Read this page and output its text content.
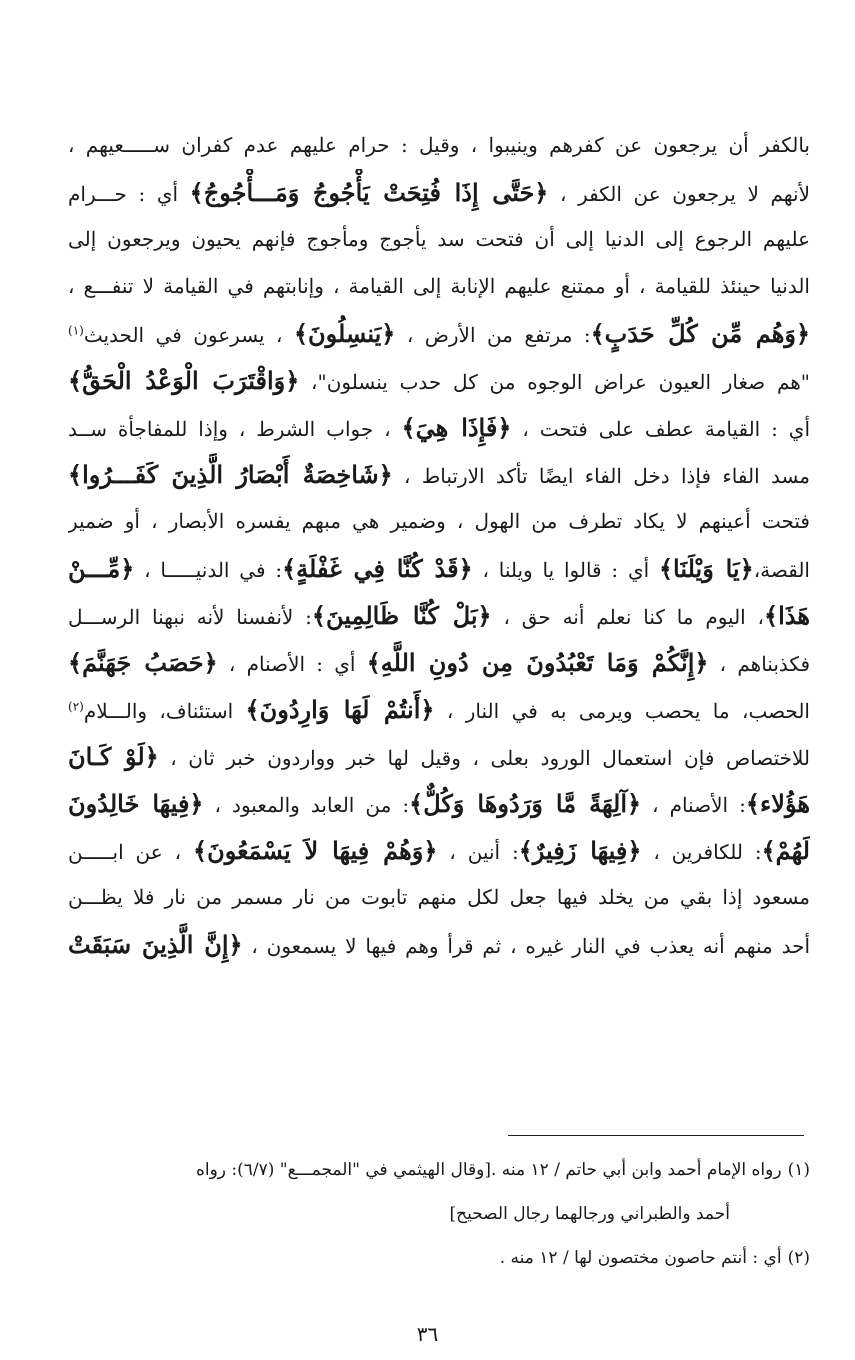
بالكفر أن يرجعون عن كفرهم وينيبوا ، وقيل : حرام عليهم عدم كفران ســـــعيهم ،
لأنهم لا يرجعون عن الكفر ، ﴿حَتَّى إِذَا فُتِحَتْ يَأْجُوجُ وَمَـــأْجُوجُ﴾ أي : حـــرام
عليهم الرجوع إلى الدنيا إلى أن فتحت سد يأجوج ومأجوج فإنهم يحيون ويرجعون إلى
الدنيا حينئذ للقيامة ، أو ممتنع عليهم الإنابة إلى القيامة ، وإنابتهم في القيامة لا تنفـــع ،
﴿وَهُم مِّن كُلِّ حَدَبٍ﴾: مرتفع من الأرض ، ﴿يَنسِلُونَ﴾ ، يسرعون في الحديث$^{(١)}$
"هم صغار العيون عراض الوجوه من كل حدب ينسلون"، ﴿وَاقْتَرَبَ الْوَعْدُ الْحَقُّ﴾
أي : القيامة عطف على فتحت ، ﴿فَإِذَا هِيَ﴾ ، جواب الشرط ، وإذا للمفاجأة ســد
مسد الفاء فإذا دخل الفاء ايضًا تأكد الارتباط ، ﴿شَاخِصَةٌ أَبْصَارُ الَّذِينَ كَفَـــرُوا﴾
فتحت أعينهم لا يكاد تطرف من الهول ، وضمير هي مبهم يفسره الأبصار ، أو ضمير
القصة،﴿يَا وَيْلَنَا﴾ أي : قالوا يا ويلنا ، ﴿قَدْ كُنَّا فِي غَفْلَةٍ﴾: في الدنيـــــا ، ﴿مِّـــنْ
هَذَا﴾، اليوم ما كنا نعلم أنه حق ، ﴿بَلْ كُنَّا ظَالِمِينَ﴾: لأنفسنا لأنه نبهنا الرســـل
فكذبناهم ، ﴿إِنَّكُمْ وَمَا تَعْبُدُونَ مِن دُونِ اللَّهِ﴾ أي : الأصنام ، ﴿حَصَبُ جَهَنَّمَ﴾
الحصب، ما يحصب ويرمى به في النار ، ﴿أَنتُمْ لَهَا وَارِدُونَ﴾ استئناف، والـــلام$^{(٢)}$
للاختصاص فإن استعمال الورود بعلى ، وقيل لها خبر وواردون خبر ثان ، ﴿لَوْ كَـانَ
هَؤُلاء﴾: الأصنام ، ﴿آلِهَةً مَّا وَرَدُوهَا وَكُلٌّ﴾: من العابد والمعبود ، ﴿فِيهَا خَالِدُونَ
لَهُمْ﴾: للكافرين ، ﴿فِيهَا زَفِيرٌ﴾: أنين ، ﴿وَهُمْ فِيهَا لاَ يَسْمَعُونَ﴾ ، عن ابـــــن
مسعود إذا بقي من يخلد فيها جعل لكل منهم تابوت من نار مسمر من نار فلا يظـــن
أحد منهم أنه يعذب في النار غيره ، ثم قرأ وهم فيها لا يسمعون ، ﴿إِنَّ الَّذِينَ سَبَقَتْ
(١)رواه الإمام أحمد وابن أبي حاتم / ١٢ منه .[وقال الهيثمي في "المجمـــع" (٦/٧): رواه
أحمد والطبراني ورجالهما رجال الصحيح]
(٢)أي : أنتم حاصون مختصون لها / ١٢ منه .
٣٦
